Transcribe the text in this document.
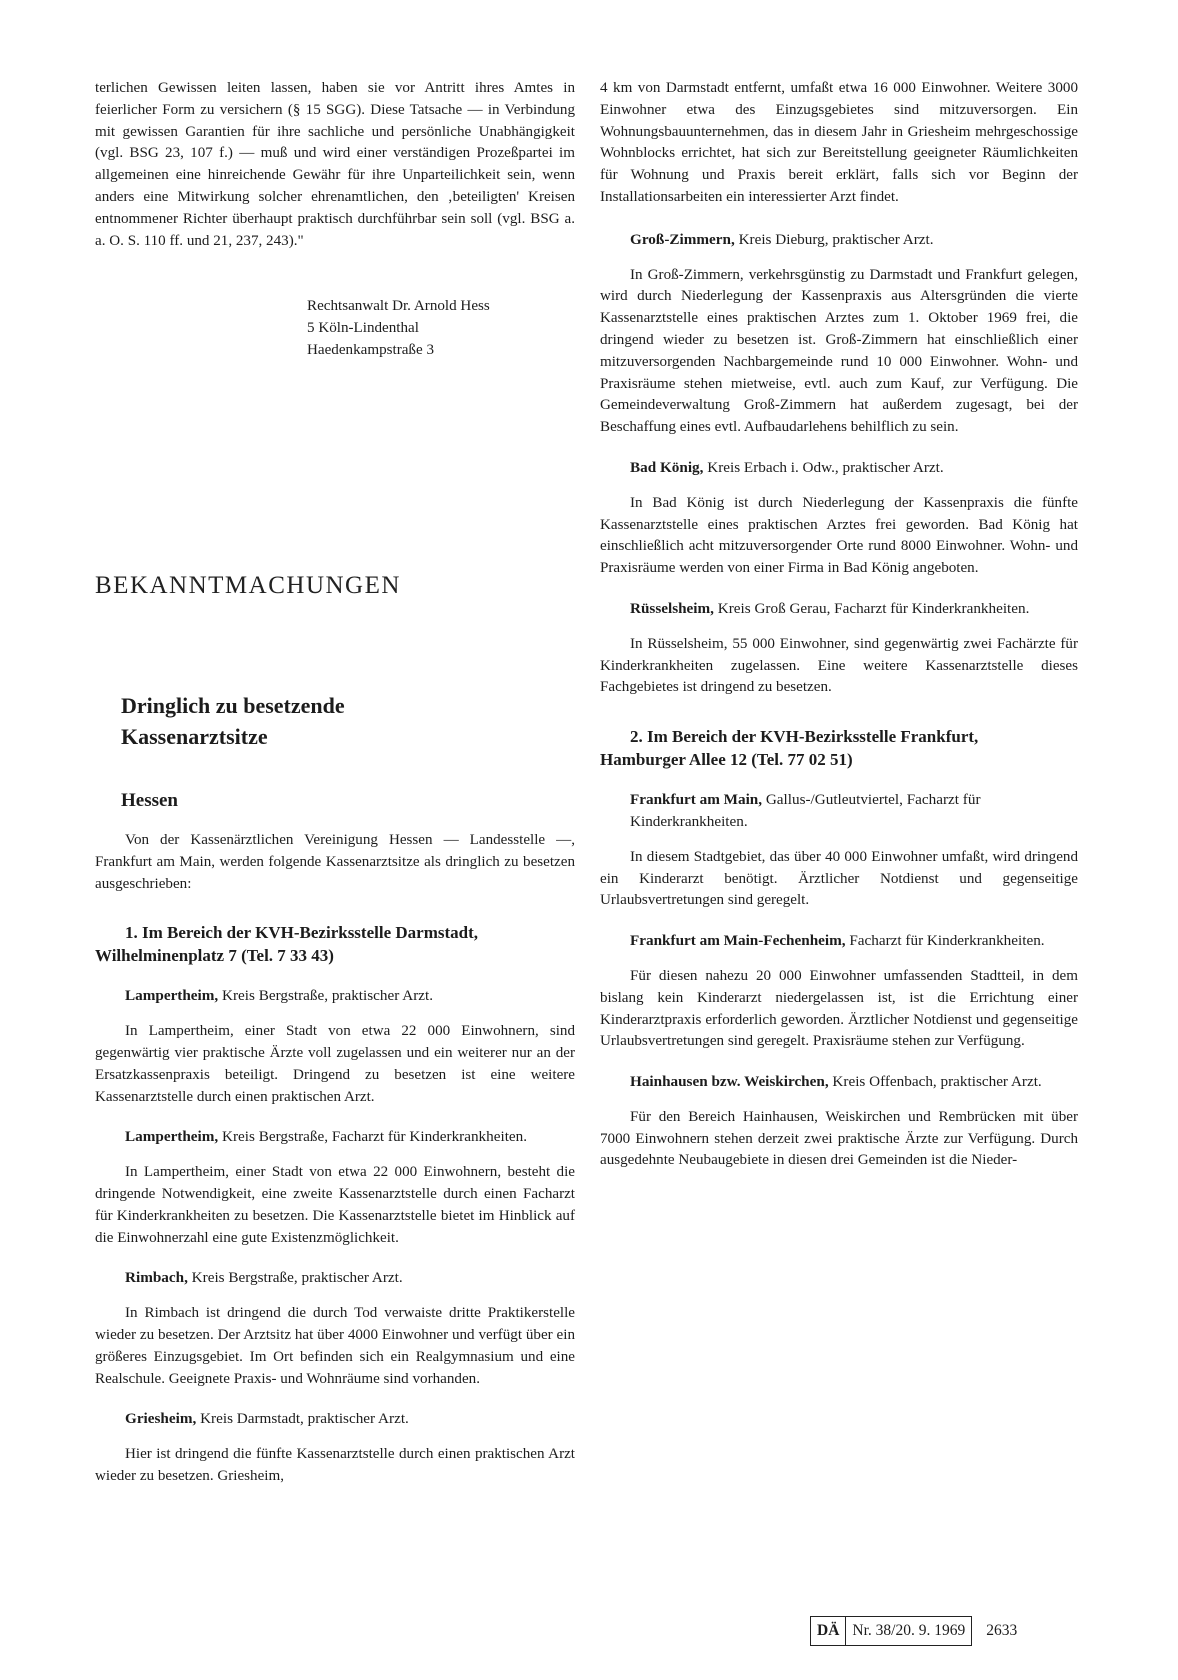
terlichen Gewissen leiten lassen, haben sie vor Antritt ihres Amtes in feierlicher Form zu versichern (§ 15 SGG). Diese Tatsache — in Verbindung mit gewissen Garantien für ihre sachliche und persönliche Unabhängigkeit (vgl. BSG 23, 107 f.) — muß und wird einer verständigen Prozeßpartei im allgemeinen eine hinreichende Gewähr für ihre Unparteilichkeit sein, wenn anders eine Mitwirkung solcher ehrenamtlichen, den ‚beteiligten' Kreisen entnommener Richter überhaupt praktisch durchführbar sein soll (vgl. BSG a. a. O. S. 110 ff. und 21, 237, 243)."

Rechtsanwalt Dr. Arnold Hess
5 Köln-Lindenthal
Haedenkampstraße 3
BEKANNTMACHUNGEN
Dringlich zu besetzende
Kassenarztsitze
Hessen

Von der Kassenärztlichen Vereinigung Hessen — Landesstelle —, Frankfurt am Main, werden folgende Kassenarztsitze als dringlich zu besetzen ausgeschrieben:

1. Im Bereich der KVH-Bezirksstelle Darmstadt,
Wilhelminenplatz 7 (Tel. 7 33 43)

Lampertheim, Kreis Bergstraße, praktischer Arzt.

In Lampertheim, einer Stadt von etwa 22 000 Einwohnern, sind gegenwärtig vier praktische Ärzte voll zugelassen und ein weiterer nur an der Ersatzkassenpraxis beteiligt. Dringend zu besetzen ist eine weitere Kassenarztstelle durch einen praktischen Arzt.

Lampertheim, Kreis Bergstraße, Facharzt für Kinderkrankheiten.

In Lampertheim, einer Stadt von etwa 22 000 Einwohnern, besteht die dringende Notwendigkeit, eine zweite Kassenarztstelle durch einen Facharzt für Kinderkrankheiten zu besetzen. Die Kassenarztstelle bietet im Hinblick auf die Einwohnerzahl eine gute Existenzmöglichkeit.

Rimbach, Kreis Bergstraße, praktischer Arzt.

In Rimbach ist dringend die durch Tod verwaiste dritte Praktikerstelle wieder zu besetzen. Der Arztsitz hat über 4000 Einwohner und verfügt über ein größeres Einzugsgebiet. Im Ort befinden sich ein Realgymnasium und eine Realschule. Geeignete Praxis- und Wohnräume sind vorhanden.

Griesheim, Kreis Darmstadt, praktischer Arzt.

Hier ist dringend die fünfte Kassenarztstelle durch einen praktischen Arzt wieder zu besetzen. Griesheim,

4 km von Darmstadt entfernt, umfaßt etwa 16 000 Einwohner. Weitere 3000 Einwohner etwa des Einzugsgebietes sind mitzuversorgen. Ein Wohnungsbauunternehmen, das in diesem Jahr in Griesheim mehrgeschossige Wohnblocks errichtet, hat sich zur Bereitstellung geeigneter Räumlichkeiten für Wohnung und Praxis bereit erklärt, falls sich vor Beginn der Installationsarbeiten ein interessierter Arzt findet.

Groß-Zimmern, Kreis Dieburg, praktischer Arzt.

In Groß-Zimmern, verkehrsgünstig zu Darmstadt und Frankfurt gelegen, wird durch Niederlegung der Kassenpraxis aus Altersgründen die vierte Kassenarztstelle eines praktischen Arztes zum 1. Oktober 1969 frei, die dringend wieder zu besetzen ist. Groß-Zimmern hat einschließlich einer mitzuversorgenden Nachbargemeinde rund 10 000 Einwohner. Wohn- und Praxisräume stehen mietweise, evtl. auch zum Kauf, zur Verfügung. Die Gemeindeverwaltung Groß-Zimmern hat außerdem zugesagt, bei der Beschaffung eines evtl. Aufbaudarlehens behilflich zu sein.

Bad König, Kreis Erbach i. Odw., praktischer Arzt.

In Bad König ist durch Niederlegung der Kassenpraxis die fünfte Kassenarztstelle eines praktischen Arztes frei geworden. Bad König hat einschließlich acht mitzuversorgender Orte rund 8000 Einwohner. Wohn- und Praxisräume werden von einer Firma in Bad König angeboten.

Rüsselsheim, Kreis Groß Gerau, Facharzt für Kinderkrankheiten.

In Rüsselsheim, 55 000 Einwohner, sind gegenwärtig zwei Fachärzte für Kinderkrankheiten zugelassen. Eine weitere Kassenarztstelle dieses Fachgebietes ist dringend zu besetzen.

2. Im Bereich der KVH-Bezirksstelle Frankfurt,
Hamburger Allee 12 (Tel. 77 02 51)

Frankfurt am Main, Gallus-/Gutleutviertel, Facharzt für Kinderkrankheiten.

In diesem Stadtgebiet, das über 40 000 Einwohner umfaßt, wird dringend ein Kinderarzt benötigt. Ärztlicher Notdienst und gegenseitige Urlaubsvertretungen sind geregelt.

Frankfurt am Main-Fechenheim, Facharzt für Kinderkrankheiten.

Für diesen nahezu 20 000 Einwohner umfassenden Stadtteil, in dem bislang kein Kinderarzt niedergelassen ist, ist die Errichtung einer Kinderarztpraxis erforderlich geworden. Ärztlicher Notdienst und gegenseitige Urlaubsvertretungen sind geregelt. Praxisräume stehen zur Verfügung.

Hainhausen bzw. Weiskirchen, Kreis Offenbach, praktischer Arzt.

Für den Bereich Hainhausen, Weiskirchen und Rembrücken mit über 7000 Einwohnern stehen derzeit zwei praktische Ärzte zur Verfügung. Durch ausgedehnte Neubaugebiete in diesen drei Gemeinden ist die Nieder-

DÄ Nr. 38/20. 9. 1969	2633
